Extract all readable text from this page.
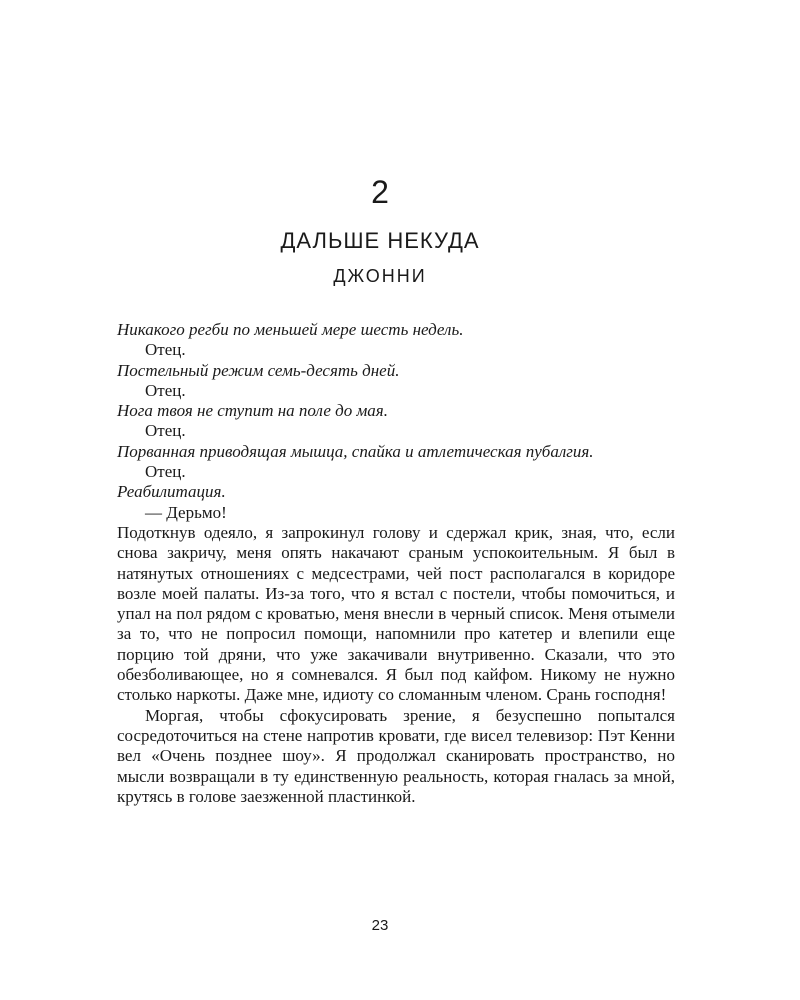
2
ДАЛЬШЕ НЕКУДА
ДЖОННИ

Никакого регби по меньшей мере шесть недель.

Отец.

Постельный режим семь-десять дней.

Отец.

Нога твоя не ступит на поле до мая.

Отец.

Порванная приводящая мышца, спайка и атлетическая пубалгия.

Отец.

Реабилитация.

— Дерьмо!

Подоткнув одеяло, я запрокинул голову и сдержал крик, зная, что, если снова закричу, меня опять накачают сраным успокоительным. Я был в натянутых отношениях с медсестрами, чей пост располагался в коридоре возле моей палаты. Из-за того, что я встал с постели, чтобы помочиться, и упал на пол рядом с кроватью, меня внесли в черный список. Меня отымели за то, что не попросил помощи, напомнили про катетер и влепили еще порцию той дряни, что уже закачивали внутривенно. Сказали, что это обезболивающее, но я сомневался. Я был под кайфом. Никому не нужно столько наркоты. Даже мне, идиоту со сломанным членом. Срань господня!

Моргая, чтобы сфокусировать зрение, я безуспешно попытался сосредоточиться на стене напротив кровати, где висел телевизор: Пэт Кенни вел «Очень позднее шоу». Я продолжал сканировать пространство, но мысли возвращали в ту единственную реальность, которая гналась за мной, крутясь в голове заезженной пластинкой.

23
